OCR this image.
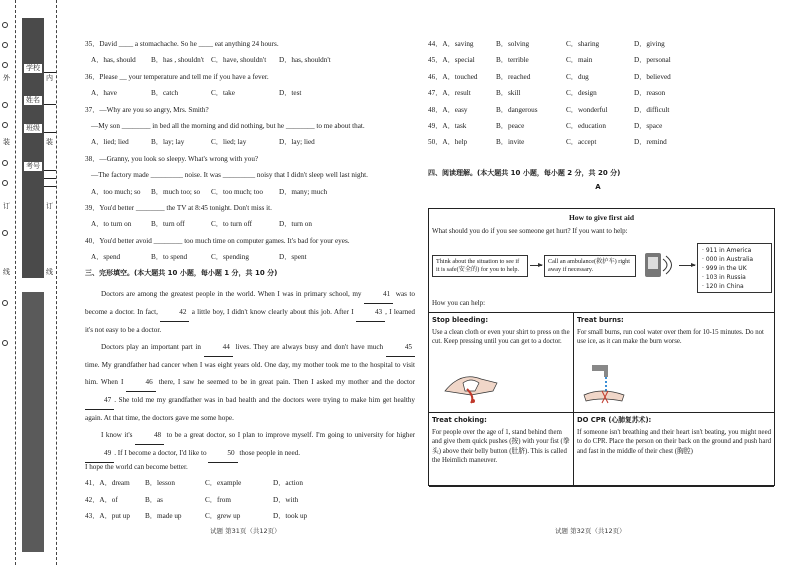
外
装
订
线
学校
姓名
班级
考号
内
装
订
线
35．David ____ a stomachache. So he ____ eat anything 24 hours.
A．has, should	B．has , shouldn't C．have, shouldn't	D．has, shouldn't
36．Please __ your temperature and tell me if you have a fever.
A．have	B．catch	C．take	D．test
37．—Why are you so angry, Mrs. Smith?
—My son ________ in bed all the morning and did nothing, but he ________ to me about that.
A．lied; lied	B．lay; lay	C．lied; lay	D．lay; lied
38．—Granny, you look so sleepy. What's wrong with you?
—The factory made _________ noise. It was _________ noisy that I didn't sleep well last night.
A．too much; so	B．much too; so	C．too much; too	D．many; much
39．You'd better ________ the TV at 8:45 tonight. Don't miss it.
A．to turn on	B．turn off	C．to turn off	D．turn on
40．You'd better avoid ________ too much time on computer games. It's bad for your eyes.
A．spend	B．to spend	C．spending	D．spent
三、完形填空。(本大题共 10 小题，每小题 1 分，共 10 分)
Doctors are among the greatest people in the world. When I was in primary school, my	41 was to become a doctor. In fact,	42 a little boy, I didn't know clearly about this job. After I	43 , I learned it's not easy to be a doctor.
Doctors play an important part in	44 lives. They are always busy and don't have much	45 time. My grandfather had cancer when I was eight years old. One day, my mother took me to the hospital to visit him. When I	46 there, I saw he seemed to be in great pain. Then I asked my mother and the doctor 47 . She told me my grandfather was in bad health and the doctors were trying to make him get healthy again. At that time, the doctors gave me some hope.
I know it's	48 to be a great doctor, so I plan to improve myself. I'm going to university for higher 49 . If I become a doctor, I'd like to	50 those people in need.
I hope the world can become better.
41．A．dream	B．lesson	C．example	D．action
42．A．of	B．as	C．from	D．with
43．A．put up	B．made up	C．grew up	D．took up
试题 第31页（共12页）
44．A．saving	B．solving	C．sharing	D．giving
45．A．special	B．terrible	C．main	D．personal
46．A．touched	B．reached	C．dug	D．believed
47．A．result	B．skill	C．design	D．reason
48．A．easy	B．dangerous	C．wonderful	D．difficult
49．A．task	B．peace	C．education	D．space
50．A．help	B．invite	C．accept	D．remind
四、阅读理解。(本大题共 10 小题，每小题 2 分，共 20 分)
A
How to give first aid
What should you do if you see someone get hurt? If you want to help:
Think about the situation to see if it is safe(安全的) for you to help.
Call an ambulance(救护车) right away if necessary.
· 911 in America
· 000 in Australia
· 999 in the UK
· 103 in Russia
· 120 in China
How you can help:
Stop bleeding:
Use a clean cloth or even your shirt to press on the cut. Keep pressing until you can get to a doctor.
Treat burns:
For small burns, run cool water over them for 10-15 minutes. Do not use ice, as it can make the burn worse.
Treat choking:
For people over the age of 1, stand behind them and give them quick pushes (按) with your fist (拳头) above their belly button (肚脐). This is called the Heimlich maneuver.
DO CPR (心肺复苏术):
If someone isn't breathing and their heart isn't beating, you might need to do CPR. Place the person on their back on the ground and push hard and fast in the middle of their chest (胸腔)
试题 第32页（共12页）
